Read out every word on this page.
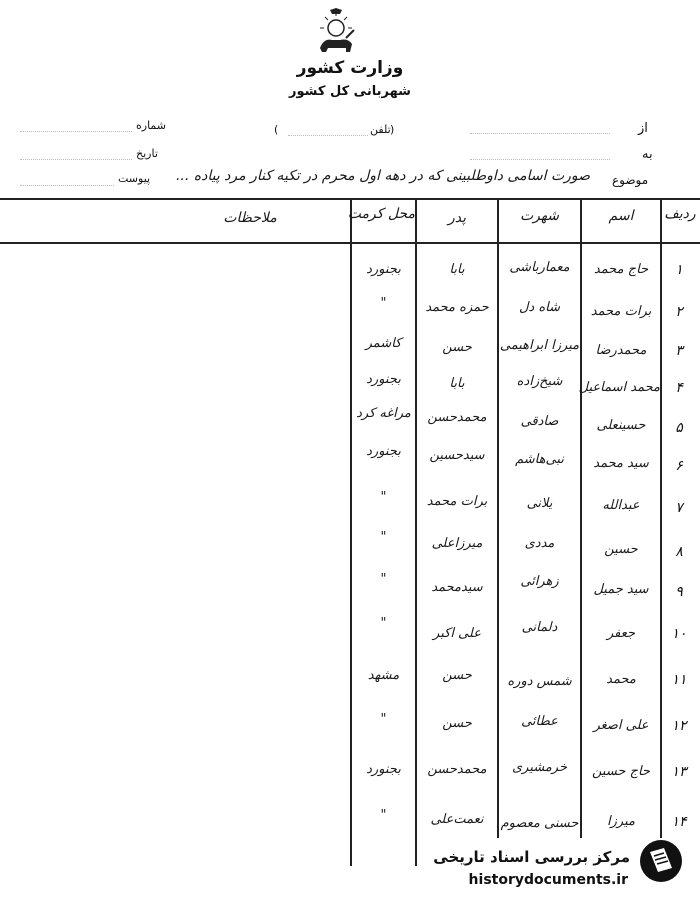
وزارت کشور
شهربانی کل کشور
شماره
تاریخ
پیوست
)	تلفن (	از
به
موضوع
صورت اسامی داوطلبینی که در دهه اول محرم در تکیه کنار مرد پیاده ...
ردیف
اسم
شهرت
پدر
محل کرمت
ملاحظات
۱
حاج محمد
معمارباشی
بابا
بجنورد
۲
برات محمد
شاه دل
حمزه محمد
"
۳
محمدرضا
میرزا ابراهیمی
حسن
کاشمر
۴
محمد اسماعیل
شیخ‌زاده
بابا
بجنورد
۵
حسینعلی
صادقی
محمدحسن
مراغه کرد
۶
سید محمد
نبی‌هاشم
سیدحسین
بجنورد
۷
عبدالله
یلانی
برات محمد
"
۸
حسین
مددی
میرزاعلی
"
۹
سید جمیل
زهرائی
سیدمحمد
"
۱۰
جعفر
دلمانی
علی اکبر
"
۱۱
محمد
شمس دوره
حسن
مشهد
۱۲
علی اصغر
عطائی
حسن
"
۱۳
حاج حسین
خرمشیری
محمدحسن
بجنورد
۱۴
میرزا
حسنی معصوم
نعمت‌علی
"
مرکز بررسی اسناد تاریخی
historydocuments.ir
